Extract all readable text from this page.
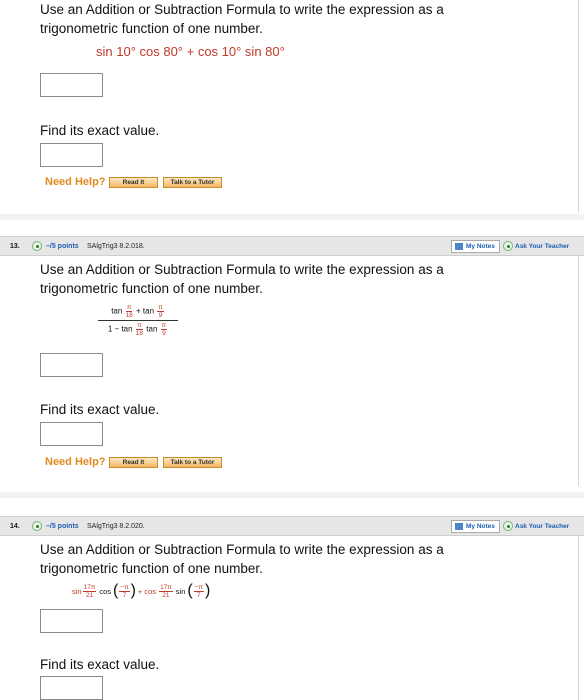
Use an Addition or Subtraction Formula to write the expression as a
trigonometric function of one number.
sin 10° cos 80° + cos 10° sin 80°
Find its exact value.
Need Help?	Read It	Talk to a Tutor
13.	–/5 points SAlgTrig3 8.2.018.	My Notes	Ask Your Teacher
Use an Addition or Subtraction Formula to write the expression as a
trigonometric function of one number.
$\tan \frac{\pi}{18} + \tan \frac{\pi}{9}$
$1 - \tan \frac{\pi}{18}$ $\tan \frac{\pi}{9}$
Find its exact value.
Need Help?	Read It	Talk to a Tutor
14.	–/5 points SAlgTrig3 8.2.020.	My Notes	Ask Your Teacher
Use an Addition or Subtraction Formula to write the expression as a
trigonometric function of one number.
$\sin \frac{17\pi}{21}$ cos ( $\frac{-\pi}{7}$ ) + $\cos \frac{17\pi}{21}$ sin ( $\frac{-\pi}{7}$ )
Find its exact value.
